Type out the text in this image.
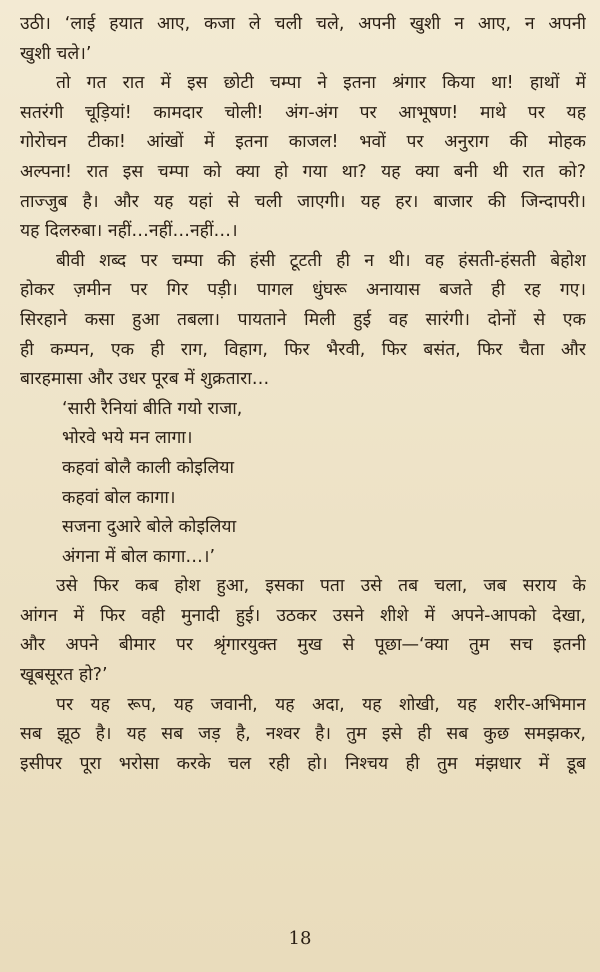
उठी। ‘लाई हयात आए, कजा ले चली चले, अपनी खुशी न आए, न अपनी
खुशी चले।’
तो गत रात में इस छोटी चम्पा ने इतना श्रंगार किया था! हाथों में
सतरंगी चूड़ियां! कामदार चोली! अंग-अंग पर आभूषण! माथे पर यह
गोरोचन टीका! आंखों में इतना काजल! भवों पर अनुराग की मोहक
अल्पना! रात इस चम्पा को क्या हो गया था? यह क्या बनी थी रात को?
ताज्जुब है। और यह यहां से चली जाएगी। यह हर। बाजार की जिन्दापरी।
यह दिलरुबा। नहीं…नहीं…नहीं…।
बीवी शब्द पर चम्पा की हंसी टूटती ही न थी। वह हंसती-हंसती बेहोश
होकर ज़मीन पर गिर पड़ी। पागल धुंघरू अनायास बजते ही रह गए।
सिरहाने कसा हुआ तबला। पायताने मिली हुई वह सारंगी। दोनों से एक
ही कम्पन, एक ही राग, विहाग, फिर भैरवी, फिर बसंत, फिर चैता और
बारहमासा और उधर पूरब में शुक्रतारा…
‘सारी रैनियां बीति गयो राजा,
भोरवे भये मन लागा।
कहवां बोलै काली कोइलिया
कहवां बोल कागा।
सजना दुआरे बोले कोइलिया
अंगना में बोल कागा…।’
उसे फिर कब होश हुआ, इसका पता उसे तब चला, जब सराय के
आंगन में फिर वही मुनादी हुई। उठकर उसने शीशे में अपने-आपको देखा,
और अपने बीमार पर श्रृंगारयुक्त मुख से पूछा—‘क्या तुम सच इतनी
खूबसूरत हो?’
पर यह रूप, यह जवानी, यह अदा, यह शोखी, यह शरीर-अभिमान
सब झूठ है। यह सब जड़ है, नश्वर है। तुम इसे ही सब कुछ समझकर,
इसीपर पूरा भरोसा करके चल रही हो। निश्चय ही तुम मंझधार में डूब
18
